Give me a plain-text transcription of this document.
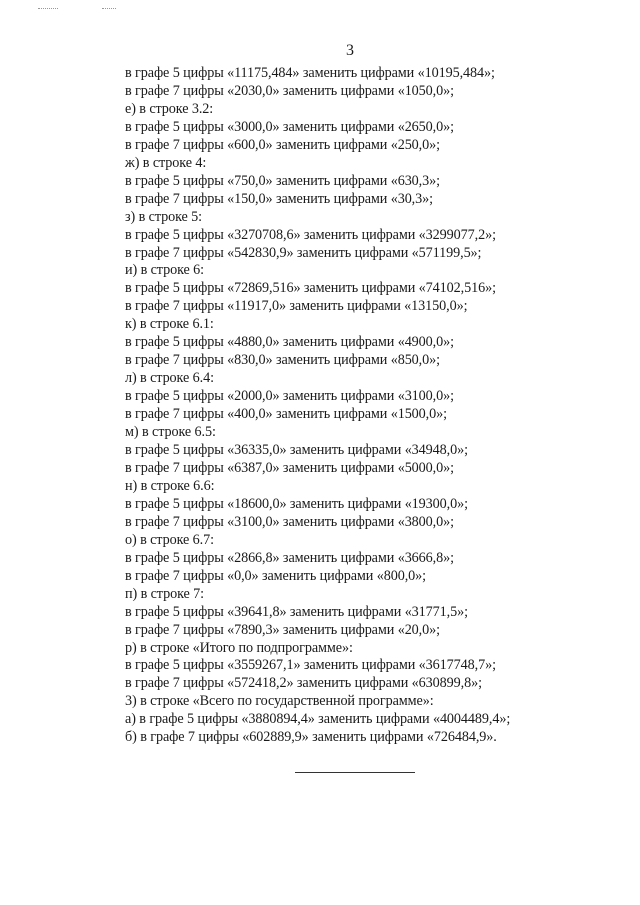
3
в графе 5 цифры «11175,484» заменить цифрами «10195,484»;
в графе 7 цифры «2030,0» заменить цифрами «1050,0»;
е) в строке 3.2:
в графе 5 цифры «3000,0» заменить цифрами «2650,0»;
в графе 7 цифры «600,0» заменить цифрами «250,0»;
ж) в строке 4:
в графе 5 цифры «750,0» заменить цифрами «630,3»;
в графе 7 цифры «150,0» заменить цифрами «30,3»;
з) в строке 5:
в графе 5 цифры «3270708,6» заменить цифрами «3299077,2»;
в графе 7 цифры «542830,9» заменить цифрами «571199,5»;
и) в строке 6:
в графе 5 цифры «72869,516» заменить цифрами «74102,516»;
в графе 7 цифры «11917,0» заменить цифрами «13150,0»;
к) в строке 6.1:
в графе 5 цифры «4880,0» заменить цифрами «4900,0»;
в графе 7 цифры «830,0» заменить цифрами «850,0»;
л) в строке 6.4:
в графе 5 цифры «2000,0» заменить цифрами «3100,0»;
в графе 7 цифры «400,0» заменить цифрами «1500,0»;
м) в строке 6.5:
в графе 5 цифры «36335,0» заменить цифрами «34948,0»;
в графе 7 цифры «6387,0» заменить цифрами «5000,0»;
н) в строке 6.6:
в графе 5 цифры «18600,0» заменить цифрами «19300,0»;
в графе 7 цифры «3100,0» заменить цифрами «3800,0»;
о) в строке 6.7:
в графе 5 цифры «2866,8» заменить цифрами «3666,8»;
в графе 7 цифры «0,0» заменить цифрами «800,0»;
п) в строке 7:
в графе 5 цифры «39641,8» заменить цифрами «31771,5»;
в графе 7 цифры «7890,3» заменить цифрами «20,0»;
р) в строке «Итого по подпрограмме»:
в графе 5 цифры «3559267,1» заменить цифрами «3617748,7»;
в графе 7 цифры «572418,2» заменить цифрами «630899,8»;
3) в строке «Всего по государственной программе»:
а) в графе 5 цифры «3880894,4» заменить цифрами «4004489,4»;
б) в графе 7 цифры «602889,9» заменить цифрами «726484,9».
